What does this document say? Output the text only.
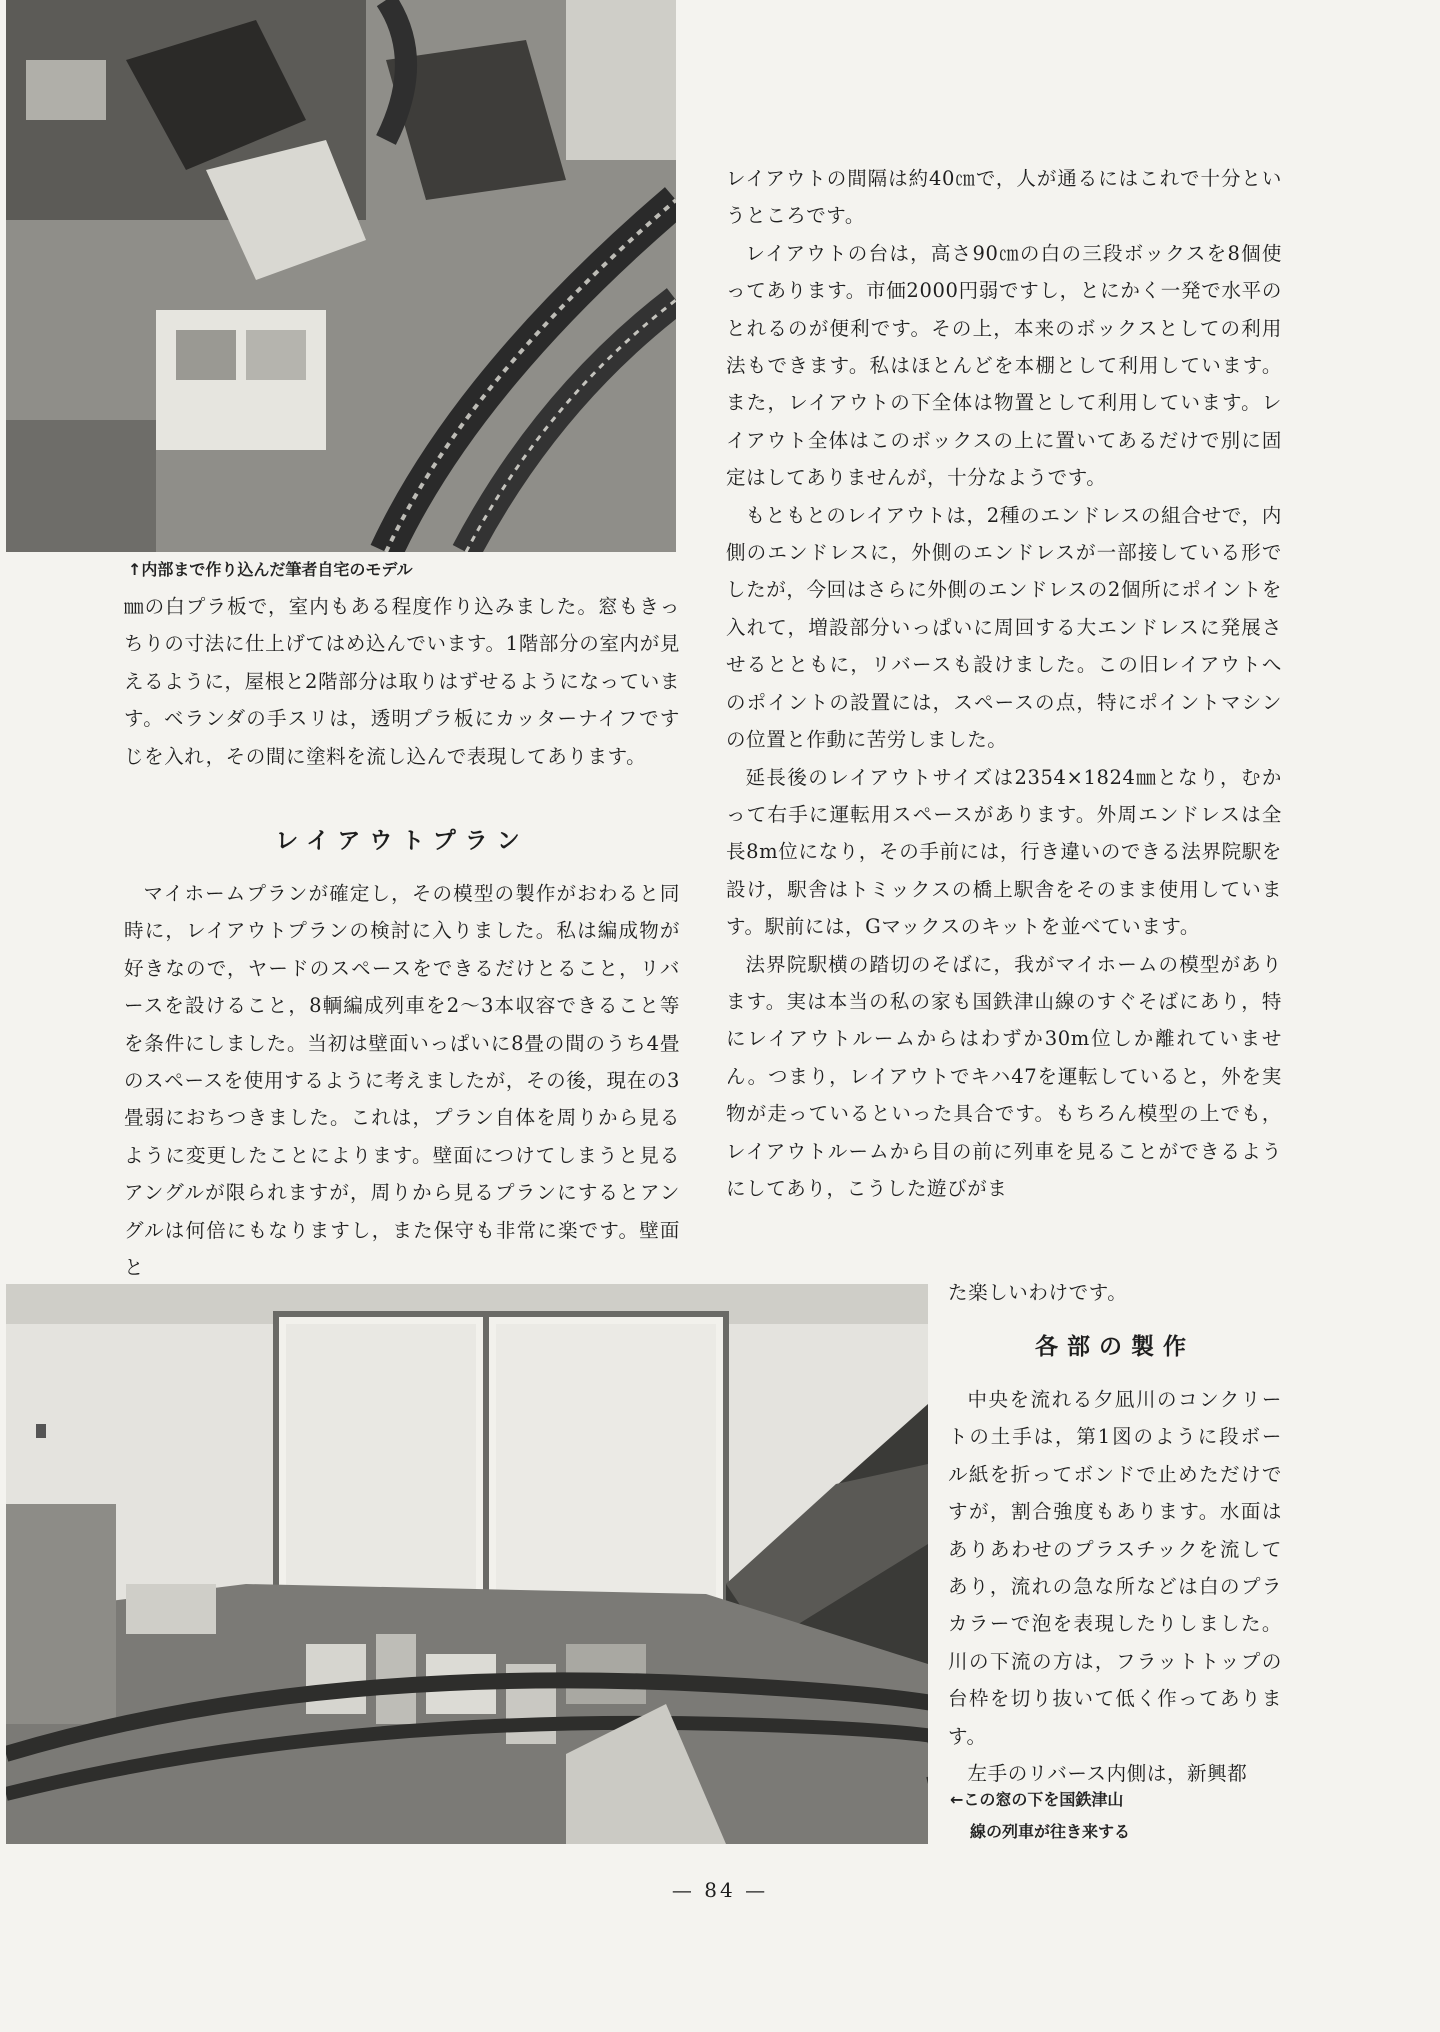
↑内部まで作り込んだ筆者自宅のモデル

㎜の白プラ板で，室内もある程度作り込みました。窓もきっちりの寸法に仕上げてはめ込んでいます。1階部分の室内が見えるように，屋根と2階部分は取りはずせるようになっています。ベランダの手スリは，透明プラ板にカッターナイフですじを入れ，その間に塗料を流し込んで表現してあります。

レイアウトプラン

マイホームプランが確定し，その模型の製作がおわると同時に，レイアウトプランの検討に入りました。私は編成物が好きなので，ヤードのスペースをできるだけとること，リバースを設けること，8輌編成列車を2〜3本収容できること等を条件にしました。当初は壁面いっぱいに8畳の間のうち4畳のスペースを使用するように考えましたが，その後，現在の3畳弱におちつきました。これは，プラン自体を周りから見るように変更したことによります。壁面につけてしまうと見るアングルが限られますが，周りから見るプランにするとアングルは何倍にもなりますし，また保守も非常に楽です。壁面と

レイアウトの間隔は約40㎝で，人が通るにはこれで十分というところです。

レイアウトの台は，高さ90㎝の白の三段ボックスを8個使ってあります。市価2000円弱ですし，とにかく一発で水平のとれるのが便利です。その上，本来のボックスとしての利用法もできます。私はほとんどを本棚として利用しています。また，レイアウトの下全体は物置として利用しています。レイアウト全体はこのボックスの上に置いてあるだけで別に固定はしてありませんが，十分なようです。

もともとのレイアウトは，2種のエンドレスの組合せで，内側のエンドレスに，外側のエンドレスが一部接している形でしたが，今回はさらに外側のエンドレスの2個所にポイントを入れて，増設部分いっぱいに周回する大エンドレスに発展させるとともに，リバースも設けました。この旧レイアウトへのポイントの設置には，スペースの点，特にポイントマシンの位置と作動に苦労しました。

延長後のレイアウトサイズは2354×1824㎜となり，むかって右手に運転用スペースがあります。外周エンドレスは全長8m位になり，その手前には，行き違いのできる法界院駅を設け，駅舎はトミックスの橋上駅舎をそのまま使用しています。駅前には，Gマックスのキットを並べています。

法界院駅横の踏切のそばに，我がマイホームの模型があります。実は本当の私の家も国鉄津山線のすぐそばにあり，特にレイアウトルームからはわずか30m位しか離れていません。つまり，レイアウトでキハ47を運転していると，外を実物が走っているといった具合です。もちろん模型の上でも，レイアウトルームから目の前に列車を見ることができるようにしてあり，こうした遊びがま

た楽しいわけです。

各部の製作

中央を流れる夕凪川のコンクリートの土手は，第1図のように段ボール紙を折ってボンドで止めただけですが，割合強度もあります。水面はありあわせのプラスチックを流してあり，流れの急な所などは白のプラカラーで泡を表現したりしました。川の下流の方は，フラットトップの台枠を切り抜いて低く作ってあります。

左手のリバース内側は，新興都

←この窓の下を国鉄津山
線の列車が往き来する
— 84 —
